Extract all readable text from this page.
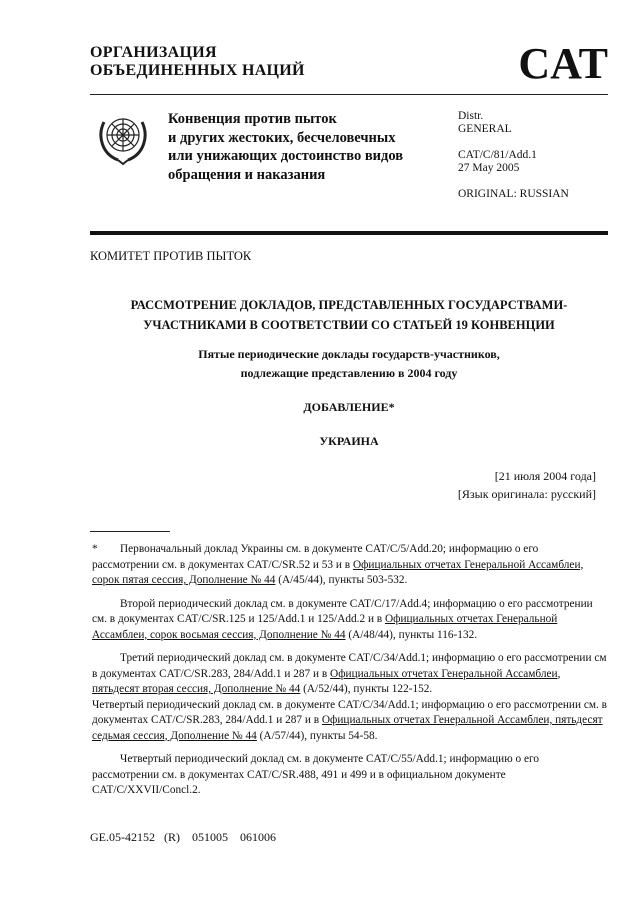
ОРГАНИЗАЦИЯ
ОБЪЕДИНЕННЫХ НАЦИЙ	CAT
Конвенция против пыток
и других жестоких, бесчеловечных
или унижающих достоинство видов
обращения и наказания
Distr.
GENERAL
CAT/C/81/Add.1
27 May 2005
ORIGINAL: RUSSIAN
КОМИТЕТ ПРОТИВ ПЫТОК
РАССМОТРЕНИЕ ДОКЛАДОВ, ПРЕДСТАВЛЕННЫХ ГОСУДАРСТВАМИ-
УЧАСТНИКАМИ В СООТВЕТСТВИИ СО СТАТЬЕЙ 19 КОНВЕНЦИИ
Пятые периодические доклады государств-участников,
подлежащие представлению в 2004 году
ДОБАВЛЕНИЕ*
УКРАИНА
[21 июля 2004 года]
[Язык оригинала: русский]

* Первоначальный доклад Украины см. в документе CAT/C/5/Add.20; информацию о его рассмотрении см. в документах CAT/C/SR.52 и 53 и в Официальных отчетах Генеральной Ассамблеи, сорок пятая сессия, Дополнение № 44 (A/45/44), пункты 503-532.

Второй периодический доклад см. в документе CAT/C/17/Add.4; информацию о его рассмотрении см. в документах CAT/C/SR.125 и 125/Add.1 и 125/Add.2 и в Официальных отчетах Генеральной Ассамблеи, сорок восьмая сессия, Дополнение № 44 (A/48/44), пункты 116-132.

Третий периодический доклад см. в документе CAT/C/34/Add.1; информацию о его рассмотрении см в документах CAT/C/SR.283, 284/Add.1 и 287 и в Официальных отчетах Генеральной Ассамблеи, пятьдесят вторая сессия, Дополнение № 44 (A/52/44), пункты 122-152.

Четвертый периодический доклад см. в документе CAT/C/34/Add.1; информацию о его рассмотрении см. в документах CAT/C/SR.283, 284/Add.1 и 287 и в Официальных отчетах Генеральной Ассамблеи, пятьдесят седьмая сессия, Дополнение № 44 (A/57/44), пункты 54-58.

Четвертый периодический доклад см. в документе CAT/C/55/Add.1; информацию о его рассмотрении см. в документах CAT/C/SR.488, 491 и 499 и в официальном документе CAT/C/XXVII/Concl.2.

GE.05-42152   (R)    051005    061006
